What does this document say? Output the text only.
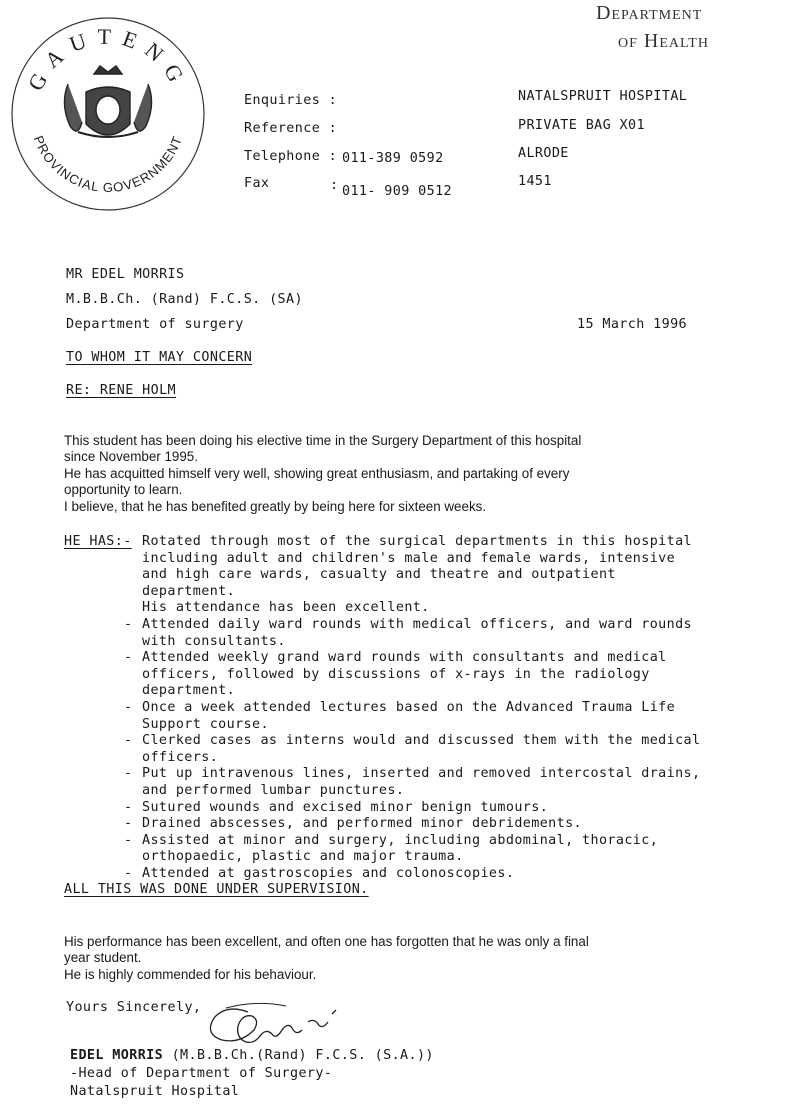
Department
of Health
GAUTENG
PROVINCIAL GOVERNMENT
Enquiries :
Reference :
Telephone : 011-389 0592
Fax	: 011- 909 0512
NATALSPRUIT HOSPITAL
PRIVATE BAG X01
ALRODE
1451
MR EDEL MORRIS
M.B.B.Ch. (Rand) F.C.S. (SA)
Department of surgery	15 March 1996
TO WHOM IT MAY CONCERN
RE: RENE HOLM
This student has been doing his elective time in the Surgery Department of this hospital
since November 1995.
He has acquitted himself very well, showing great enthusiasm, and partaking of every
opportunity to learn.
I believe, that he has benefited greatly by being here for sixteen weeks.
HE HAS:- Rotated through most of the surgical departments in this hospital
including adult and children's male and female wards, intensive
and high care wards, casualty and theatre and outpatient
department.
His attendance has been excellent.
- Attended daily ward rounds with medical officers, and ward rounds
with consultants.
- Attended weekly grand ward rounds with consultants and medical
officers, followed by discussions of x-rays in the radiology
department.
- Once a week attended lectures based on the Advanced Trauma Life
Support course.
- Clerked cases as interns would and discussed them with the medical
officers.
- Put up intravenous lines, inserted and removed intercostal drains,
and performed lumbar punctures.
- Sutured wounds and excised minor benign tumours.
- Drained abscesses, and performed minor debridements.
- Assisted at minor and surgery, including abdominal, thoracic,
orthopaedic, plastic and major trauma.
- Attended at gastroscopies and colonoscopies.
ALL THIS WAS DONE UNDER SUPERVISION.
His performance has been excellent, and often one has forgotten that he was only a final
year student.
He is highly commended for his behaviour.
Yours Sincerely,
EDEL MORRIS (M.B.B.Ch.(Rand) F.C.S. (S.A.))
-Head of Department of Surgery-
Natalspruit Hospital
